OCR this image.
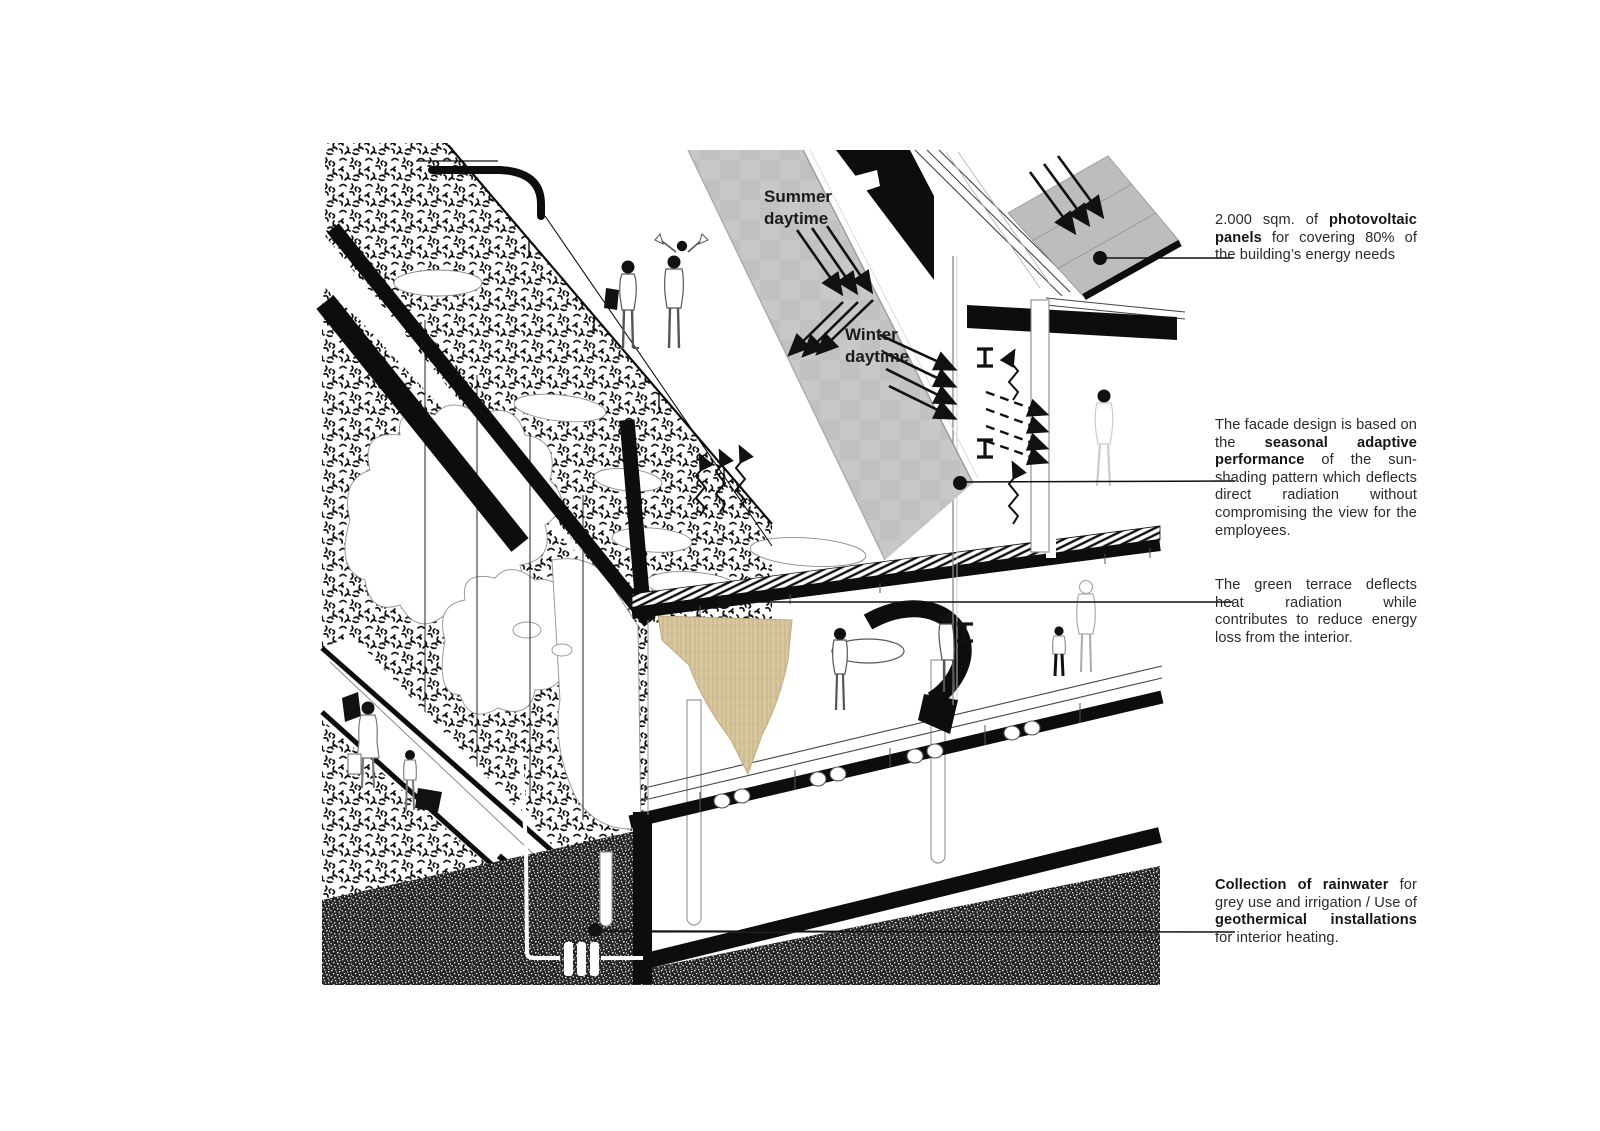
Summer daytime
Winter daytime
2.000 sqm. of photovoltaic panels for covering 80% of the building’s energy needs
The facade design is based on the seasonal adaptive performance of the sun-shading pattern which deflects direct radiation without compromising the view for the employees.
The green terrace deflects heat radiation while contributes to reduce energy loss from the interior.
Collection of rainwater for grey use and irrigation / Use of geothermical installations for interior heating.
